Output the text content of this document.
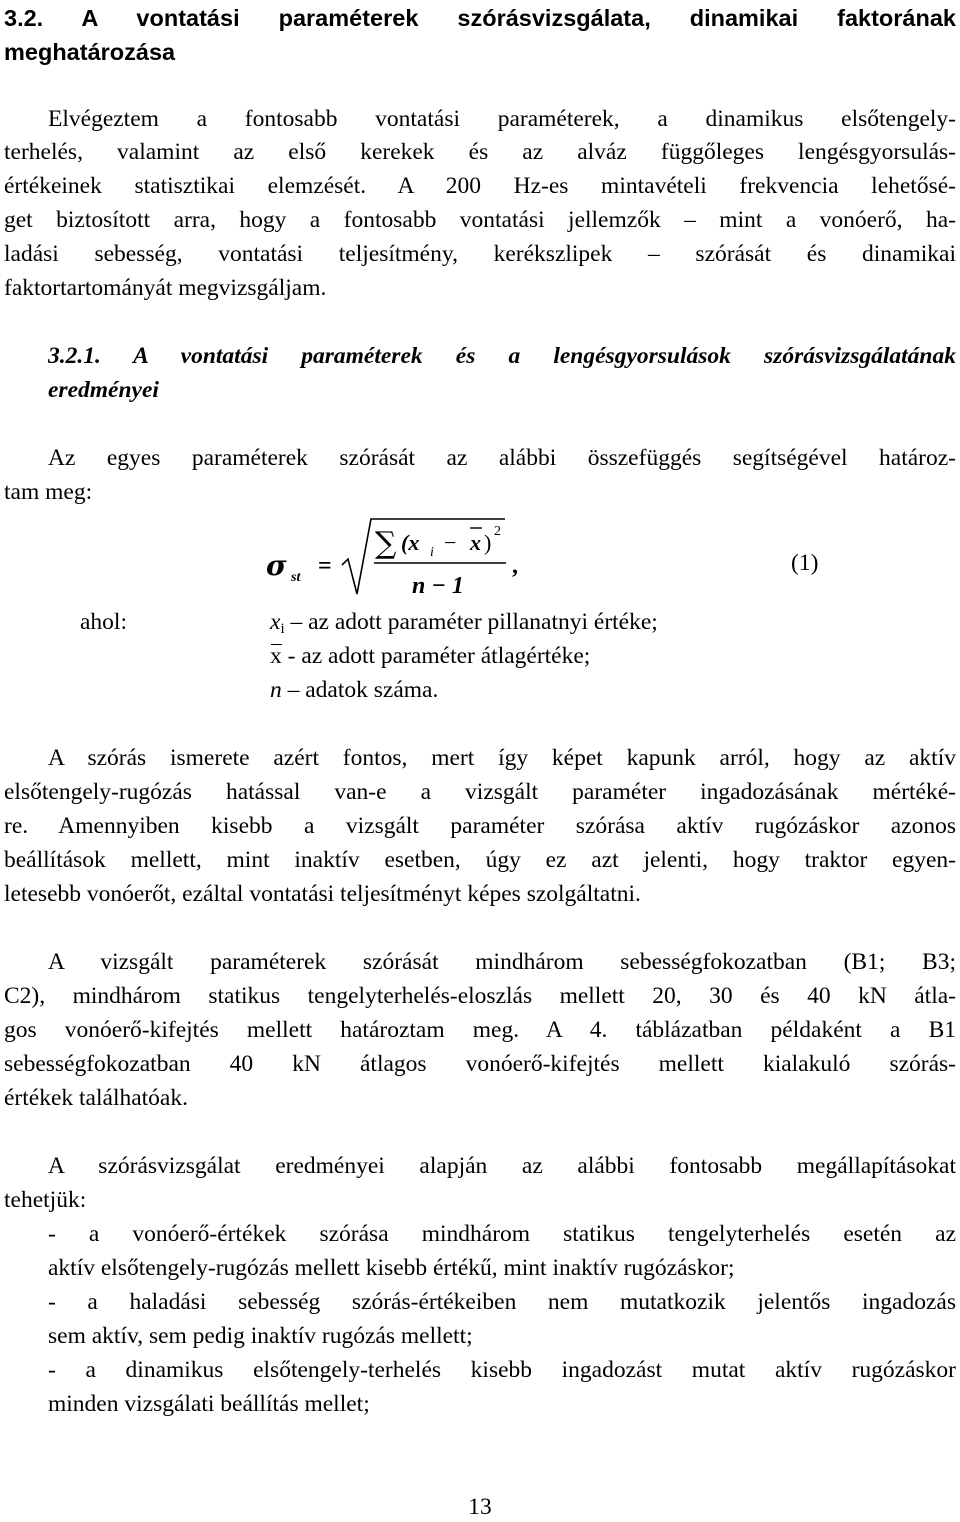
3.2. A vontatási paraméterek szórásvizsgálata, dinamikai faktorának
meghatározása
Elvégeztem a fontosabb vontatási paraméterek, a dinamikus elsőtengely-
terhelés, valamint az első kerekek és az alváz függőleges lengésgyorsulás-
értékeinek statisztikai elemzését. A 200 Hz-es mintavételi frekvencia lehetősé-
get biztosított arra, hogy a fontosabb vontatási jellemzők – mint a vonóerő, ha-
ladási sebesség, vontatási teljesítmény, kerékszlipek – szórását és dinamikai
faktortartományát megvizsgáljam.
3.2.1. A vontatási paraméterek és a lengésgyorsulások szórásvizsgálatának
eredményei
Az egyes paraméterek szórását az alábbi összefüggés segítségével határoz-
tam meg:
σ st =
∑ (x i − x ) 2
n − 1
,	(1)
ahol:	$x_i$ – az adott paraméter pillanatnyi értéke;
x - az adott paraméter átlagértéke;
n – adatok száma.
A szórás ismerete azért fontos, mert így képet kapunk arról, hogy az aktív
elsőtengely-rugózás hatással van-e a vizsgált paraméter ingadozásának mértéké-
re. Amennyiben kisebb a vizsgált paraméter szórása aktív rugózáskor azonos
beállítások mellett, mint inaktív esetben, úgy ez azt jelenti, hogy traktor egyen-
letesebb vonóerőt, ezáltal vontatási teljesítményt képes szolgáltatni.
A vizsgált paraméterek szórását mindhárom sebességfokozatban (B1; B3;
C2), mindhárom statikus tengelyterhelés-eloszlás mellett 20, 30 és 40 kN átla-
gos vonóerő-kifejtés mellett határoztam meg. A 4. táblázatban példaként a B1
sebességfokozatban 40 kN átlagos vonóerő-kifejtés mellett kialakuló szórás-
értékek találhatóak.
A szórásvizsgálat eredményei alapján az alábbi fontosabb megállapításokat
tehetjük:
- a vonóerő-értékek szórása mindhárom statikus tengelyterhelés esetén az
aktív elsőtengely-rugózás mellett kisebb értékű, mint inaktív rugózáskor;
- a haladási sebesség szórás-értékeiben nem mutatkozik jelentős ingadozás
sem aktív, sem pedig inaktív rugózás mellett;
- a dinamikus elsőtengely-terhelés kisebb ingadozást mutat aktív rugózáskor
minden vizsgálati beállítás mellet;
13
